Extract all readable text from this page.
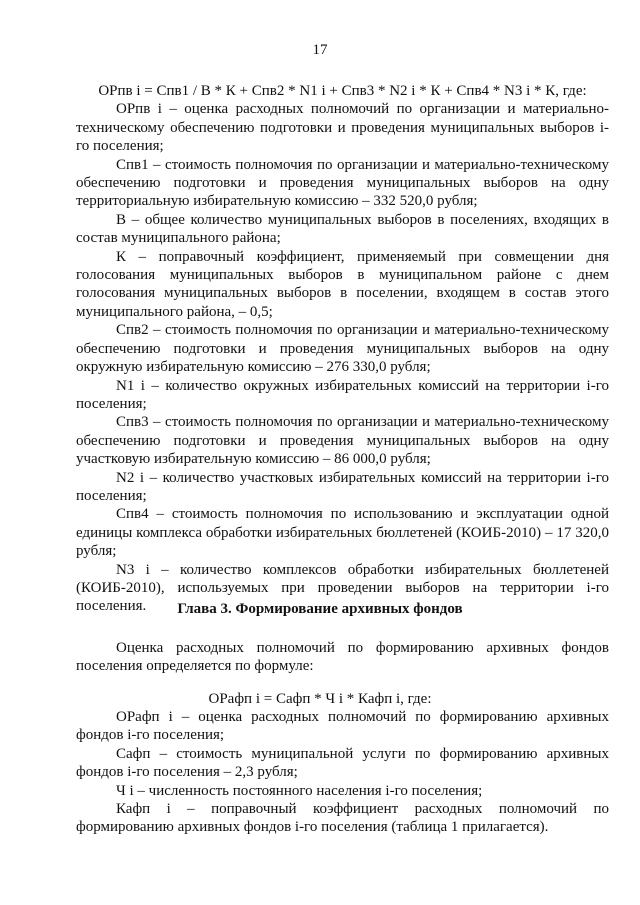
17

ОРпв i = Спв1 / В * К + Спв2 * N1 i + Спв3 * N2 i * К + Спв4 * N3 i * К, где:

ОРпв i – оценка расходных полномочий по организации и материально-техническому обеспечению подготовки и проведения муниципальных выборов i-го поселения;

Спв1 – стоимость полномочия по организации и материально-техническому обеспечению подготовки и проведения муниципальных выборов на одну территориальную избирательную комиссию – 332 520,0 рубля;

В – общее количество муниципальных выборов в поселениях, входящих в состав муниципального района;

К – поправочный коэффициент, применяемый при совмещении дня голосования муниципальных выборов в муниципальном районе с днем голосования муниципальных выборов в поселении, входящем в состав этого муниципального района, – 0,5;

Спв2 – стоимость полномочия по организации и материально-техническому обеспечению подготовки и проведения муниципальных выборов на одну окружную избирательную комиссию – 276 330,0 рубля;

N1 i – количество окружных избирательных комиссий на территории i-го поселения;

Спв3 – стоимость полномочия по организации и материально-техническому обеспечению подготовки и проведения муниципальных выборов на одну участковую избирательную комиссию – 86 000,0 рубля;

N2 i – количество участковых избирательных комиссий на территории i-го поселения;

Спв4 – стоимость полномочия по использованию и эксплуатации одной единицы комплекса обработки избирательных бюллетеней (КОИБ-2010) – 17 320,0 рубля;

N3 i – количество комплексов обработки избирательных бюллетеней (КОИБ-2010), используемых при проведении выборов на территории i-го поселения.	Глава 3. Формирование архивных фондов

Оценка расходных полномочий по формированию архивных фондов поселения определяется по формуле:

ОРафп i = Сафп * Ч i * Кафп i, где:

ОРафп i – оценка расходных полномочий по формированию архивных фондов i-го поселения;

Сафп – стоимость муниципальной услуги по формированию архивных фондов i-го поселения – 2,3 рубля;

Ч i – численность постоянного населения i-го поселения;

Кафп i – поправочный коэффициент расходных полномочий по формированию архивных фондов i-го поселения (таблица 1 прилагается).
